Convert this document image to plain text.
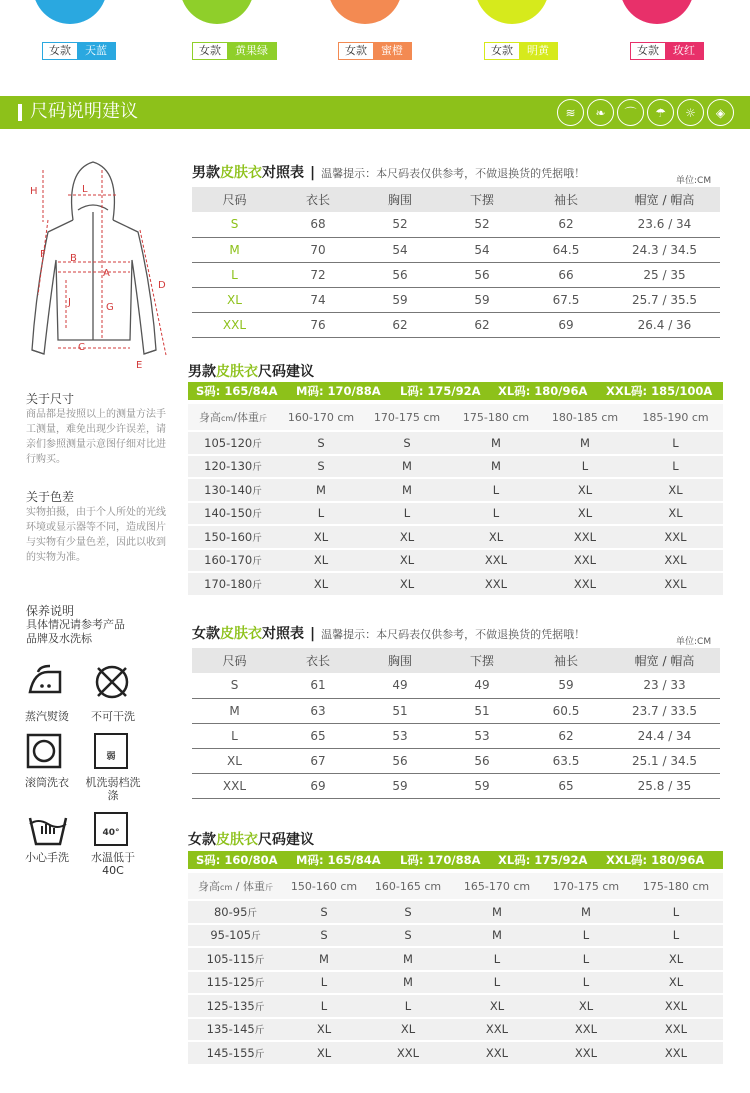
女款	天蓝	女款	黄果绿	女款	蜜橙	女款	明黄	女款	玫红
尺码说明建议	≋	❧	⌒	☂	☼	◈
H	L
F B
A
J
C
G
D
E
关于尺寸
商品都是按照以上的测量方法手工测量，难免出现少许误差，请亲们参照测量示意图仔细对比进行购买。
关于色差
实物拍摄，由于个人所处的光线环境或显示器等不同，造成图片与实物有少量色差，因此以收到的实物为准。
保养说明
具体情况请参考产品品牌及水洗标
蒸汽熨烫	不可干洗
滚筒洗衣
弱
机洗弱档洗涤
小心手洗
40°
水温低于40C
男款皮肤衣对照表 | 温馨提示：本尺码表仅供参考，不做退换货的凭据哦！
单位:CM
尺码	衣长	胸围	下摆	袖长	帽宽 / 帽高
S	68	52	52	62	23.6 / 34
M	70	54	54	64.5	24.3 / 34.5
L	72	56	56	66	25 / 35
XL	74	59	59	67.5	25.7 / 35.5
XXL	76	62	62	69	26.4 / 36
男款皮肤衣尺码建议
S码: 165/84A M码: 170/88A L码: 175/92A XL码: 180/96A XXL码: 185/100A
身高cm/体重斤	160-170 cm	170-175 cm	175-180 cm	180-185 cm	185-190 cm
105-120斤	S	S	M	M	L
120-130斤	S	M	M	L	L
130-140斤	M	M	L	XL	XL
140-150斤	L	L	L	XL	XL
150-160斤	XL	XL	XL	XXL	XXL
160-170斤	XL	XL	XXL	XXL	XXL
170-180斤	XL	XL	XXL	XXL	XXL
女款皮肤衣对照表 | 温馨提示：本尺码表仅供参考，不做退换货的凭据哦！
单位:CM
尺码	衣长	胸围	下摆	袖长	帽宽 / 帽高
S	61	49	49	59	23 / 33
M	63	51	51	60.5	23.7 / 33.5
L	65	53	53	62	24.4 / 34
XL	67	56	56	63.5	25.1 / 34.5
XXL	69	59	59	65	25.8 / 35
女款皮肤衣尺码建议
S码: 160/80A M码: 165/84A L码: 170/88A XL码: 175/92A XXL码: 180/96A
身高cm / 体重斤	150-160 cm	160-165 cm	165-170 cm	170-175 cm	175-180 cm
80-95斤	S	S	M	M	L
95-105斤	S	S	M	L	L
105-115斤	M	M	L	L	XL
115-125斤	L	M	L	L	XL
125-135斤	L	L	XL	XL	XXL
135-145斤	XL	XL	XXL	XXL	XXL
145-155斤	XL	XXL	XXL	XXL	XXL
